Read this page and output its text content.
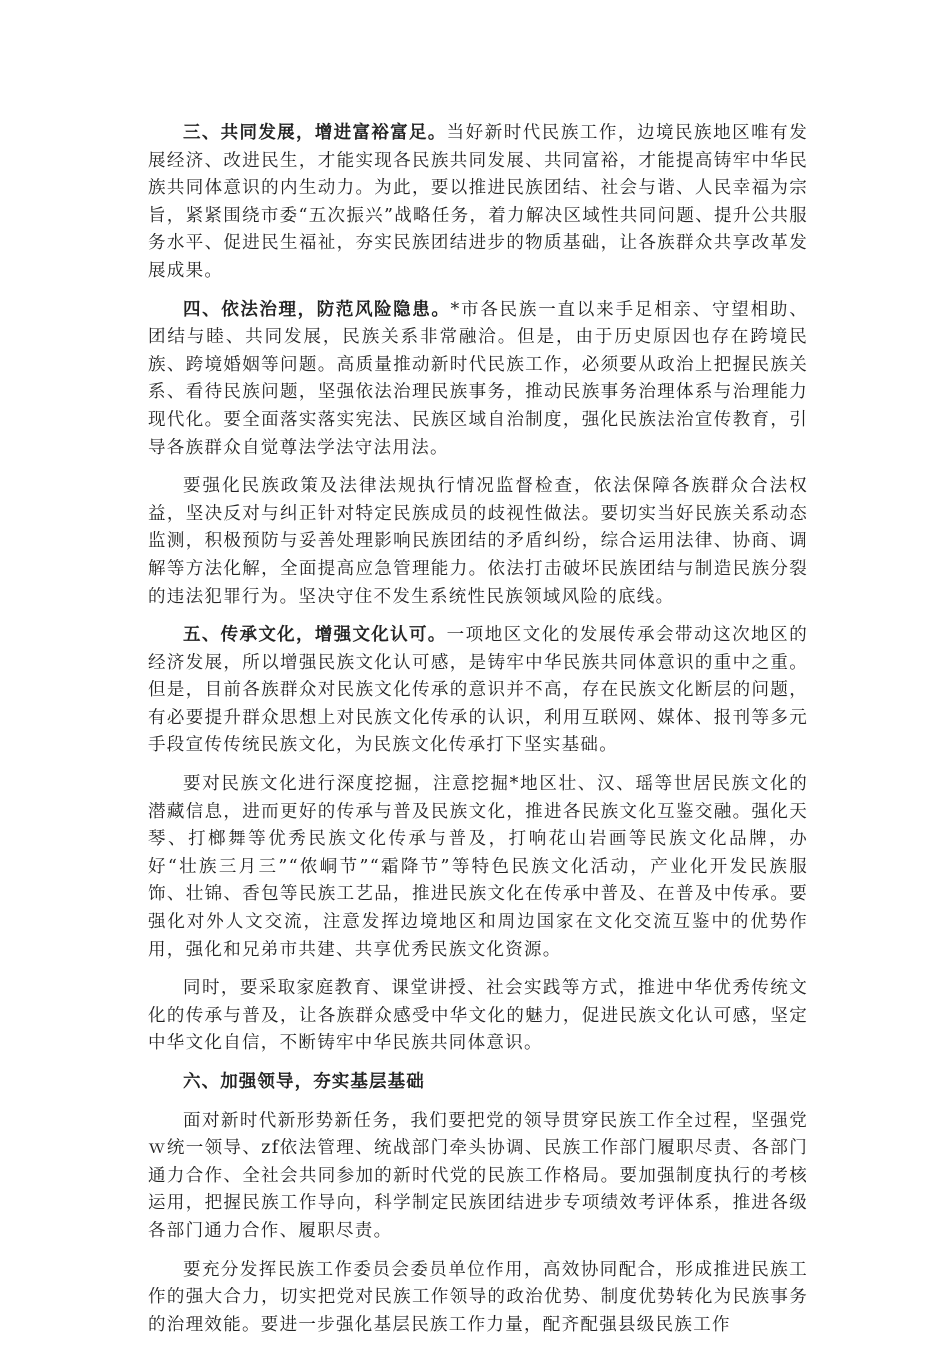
三、共同发展，增进富裕富足。当好新时代民族工作，边境民族地区唯有发展经济、改进民生，才能实现各民族共同发展、共同富裕，才能提高铸牢中华民族共同体意识的内生动力。为此，要以推进民族团结、社会与谐、人民幸福为宗旨，紧紧围绕市委“五次振兴”战略任务，着力解决区域性共同问题、提升公共服务水平、促进民生福祉，夯实民族团结进步的物质基础，让各族群众共享改革发展成果。

四、依法治理，防范风险隐患。*市各民族一直以来手足相亲、守望相助、团结与睦、共同发展，民族关系非常融洽。但是，由于历史原因也存在跨境民族、跨境婚姻等问题。高质量推动新时代民族工作，必须要从政治上把握民族关系、看待民族问题，坚强依法治理民族事务，推动民族事务治理体系与治理能力现代化。要全面落实落实宪法、民族区域自治制度，强化民族法治宣传教育，引导各族群众自觉尊法学法守法用法。

要强化民族政策及法律法规执行情况监督检查，依法保障各族群众合法权益，坚决反对与纠正针对特定民族成员的歧视性做法。要切实当好民族关系动态监测，积极预防与妥善处理影响民族团结的矛盾纠纷，综合运用法律、协商、调解等方法化解，全面提高应急管理能力。依法打击破坏民族团结与制造民族分裂的违法犯罪行为。坚决守住不发生系统性民族领域风险的底线。

五、传承文化，增强文化认可。一项地区文化的发展传承会带动这次地区的经济发展，所以增强民族文化认可感，是铸牢中华民族共同体意识的重中之重。但是，目前各族群众对民族文化传承的意识并不高，存在民族文化断层的问题，有必要提升群众思想上对民族文化传承的认识，利用互联网、媒体、报刊等多元手段宣传传统民族文化，为民族文化传承打下坚实基础。

要对民族文化进行深度挖掘，注意挖掘*地区壮、汉、瑶等世居民族文化的潜藏信息，进而更好的传承与普及民族文化，推进各民族文化互鉴交融。强化天琴、打榔舞等优秀民族文化传承与普及，打响花山岩画等民族文化品牌，办好“壮族三月三”“侬峒节”“霜降节”等特色民族文化活动，产业化开发民族服饰、壮锦、香包等民族工艺品，推进民族文化在传承中普及、在普及中传承。要强化对外人文交流，注意发挥边境地区和周边国家在文化交流互鉴中的优势作用，强化和兄弟市共建、共享优秀民族文化资源。

同时，要采取家庭教育、课堂讲授、社会实践等方式，推进中华优秀传统文化的传承与普及，让各族群众感受中华文化的魅力，促进民族文化认可感，坚定中华文化自信，不断铸牢中华民族共同体意识。

六、加强领导，夯实基层基础

面对新时代新形势新任务，我们要把党的领导贯穿民族工作全过程，坚强党ｗ统一领导、zf依法管理、统战部门牵头协调、民族工作部门履职尽责、各部门通力合作、全社会共同参加的新时代党的民族工作格局。要加强制度执行的考核运用，把握民族工作导向，科学制定民族团结进步专项绩效考评体系，推进各级各部门通力合作、履职尽责。

要充分发挥民族工作委员会委员单位作用，高效协同配合，形成推进民族工作的强大合力，切实把党对民族工作领导的政治优势、制度优势转化为民族事务的治理效能。要进一步强化基层民族工作力量，配齐配强县级民族工作
